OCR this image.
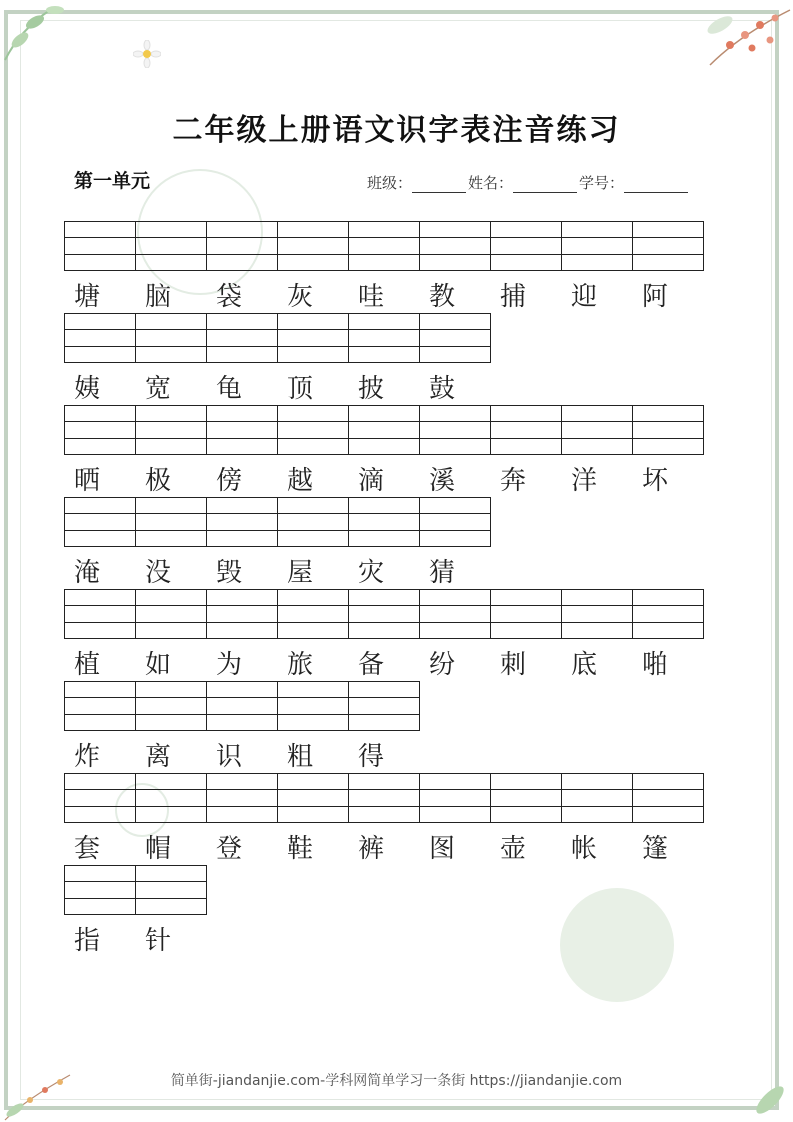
二年级上册语文识字表注音练习
第一单元	班级：	姓名：	学号：
塘	脑	袋	灰	哇	教	捕	迎	阿
姨	宽	龟	顶	披	鼓
晒	极	傍	越	滴	溪	奔	洋	坏
淹	没	毁	屋	灾	猜
植	如	为	旅	备	纷	刺	底	啪
炸	离	识	粗	得
套	帽	登	鞋	裤	图	壶	帐	篷
指	针
简单街-jiandanjie.com-学科网简单学习一条街 https://jiandanjie.com
